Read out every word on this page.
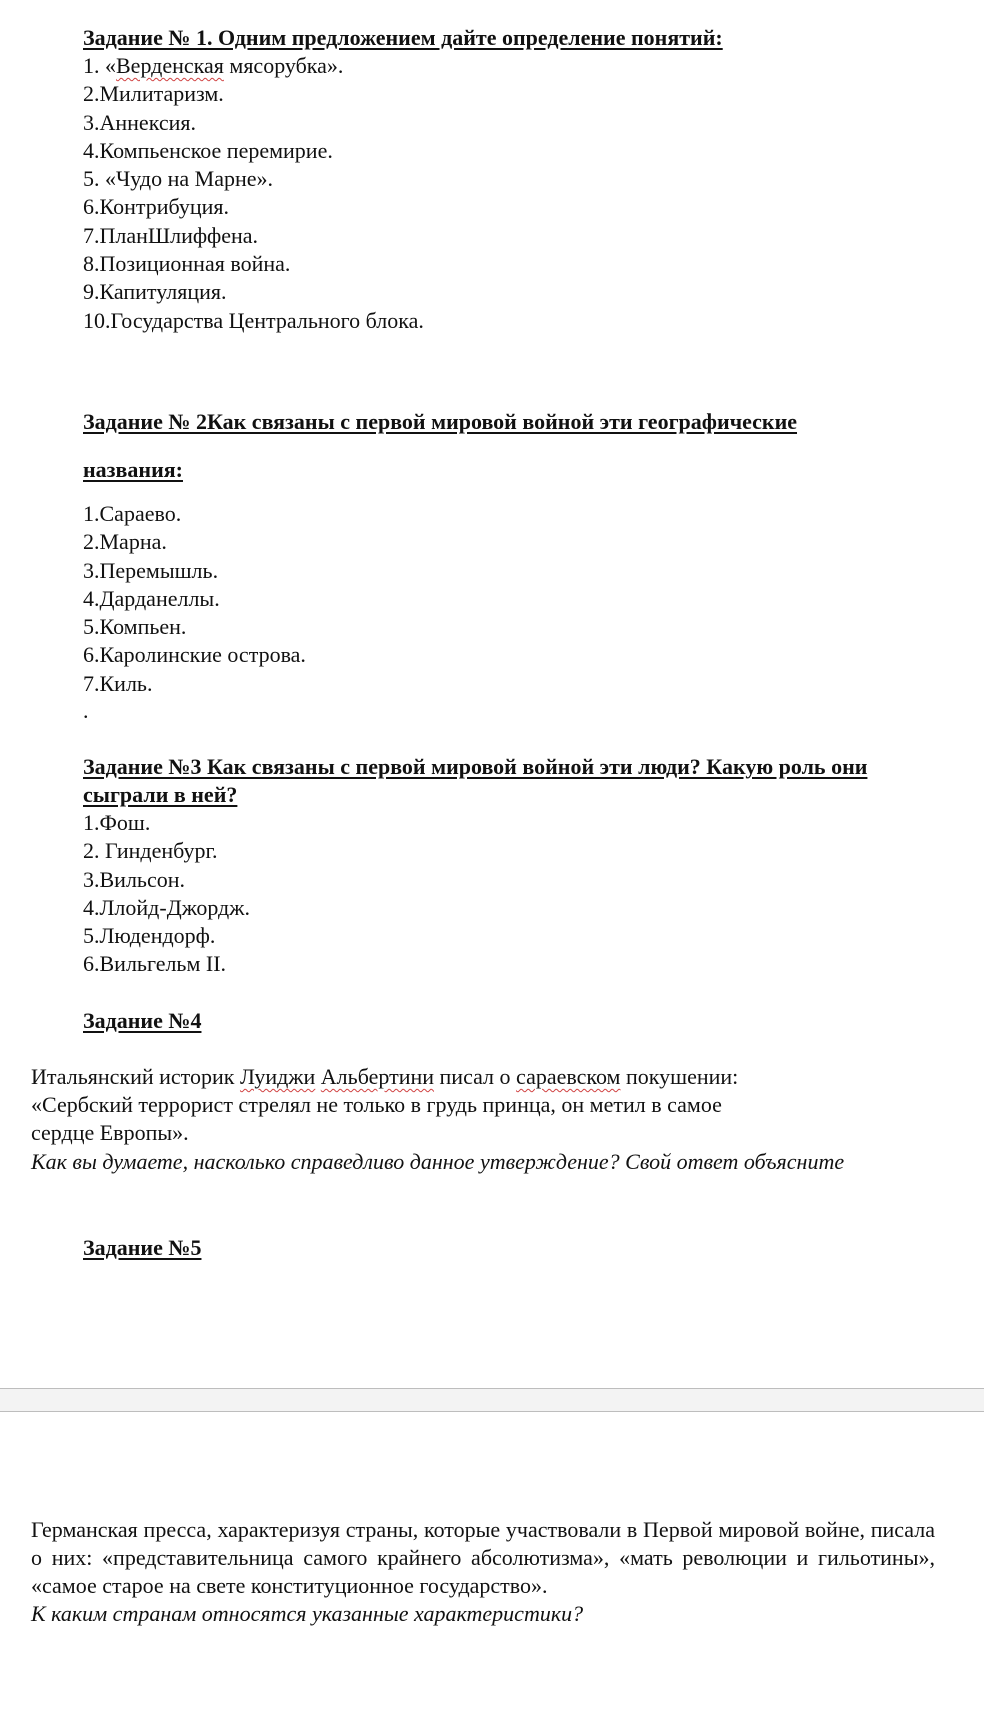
Задание № 1. Одним предложением дайте определение понятий:
1. «Верденская мясорубка».
2.Милитаризм.
3.Аннексия.
4.Компьенское перемирие.
5. «Чудо на Марне».
6.Контрибуция.
7.ПланШлиффена.
8.Позиционная война.
9.Капитуляция.
10.Государства Центрального блока.
Задание № 2Как связаны с первой мировой войной эти географические
названия:
1.Сараево.
2.Марна.
3.Перемышль.
4.Дарданеллы.
5.Компьен.
6.Каролинские острова.
7.Киль.
.
Задание №3 Как связаны с первой мировой войной эти люди? Какую роль они сыграли в ней?
1.Фош.
2. Гинденбург.
3.Вильсон.
4.Ллойд-Джордж.
5.Людендорф.
6.Вильгельм II.
Задание №4

Итальянский историк Луиджи Альбертини писал о сараевском покушении:
«Сербский террорист стрелял не только в грудь принца, он метил в самое
сердце Европы».

Как вы думаете, насколько справедливо данное утверждение? Свой ответ объясните

Задание №5

Германская пресса, характеризуя страны, которые участвовали в Первой мировой войне, писала о них: «представительница самого крайнего абсолютизма», «мать революции и гильотины», «самое старое на свете конституционное государство».

К каким странам относятся указанные характеристики?
